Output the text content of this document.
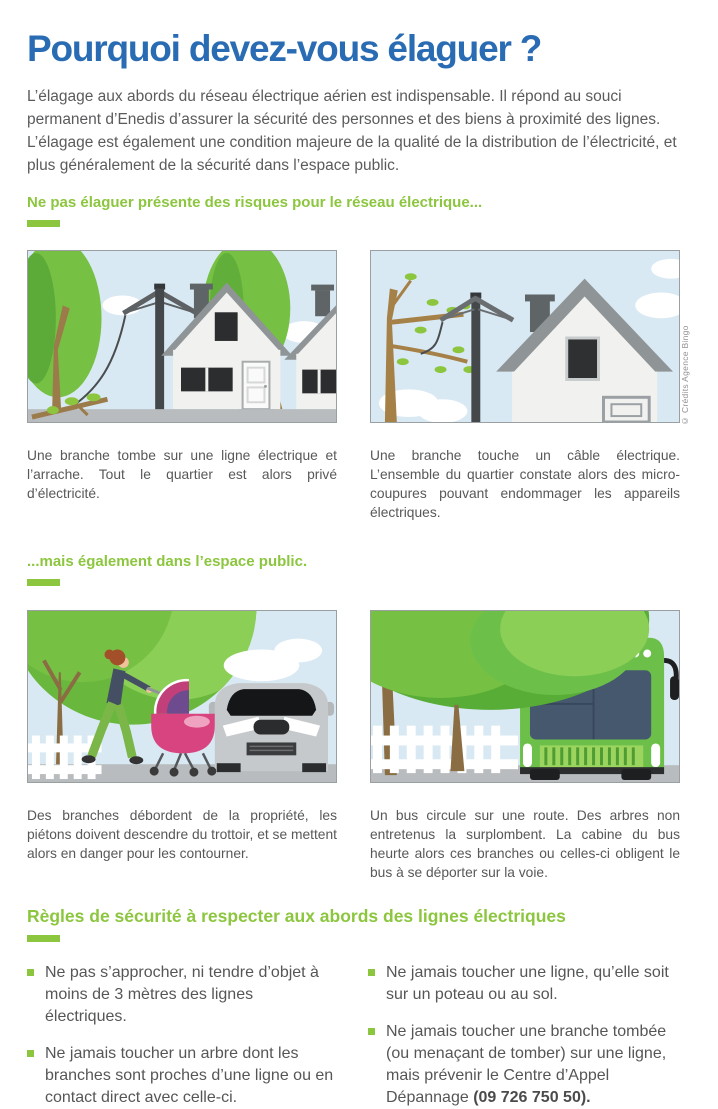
Pourquoi devez-vous élaguer ?

L’élagage aux abords du réseau électrique aérien est indispensable. Il répond au souci permanent d’Enedis d’assurer la sécurité des personnes et des biens à proximité des lignes. L’élagage est également une condition majeure de la qualité de la distribution de l’électricité, et plus généralement de la sécurité dans l’espace public.

Ne pas élaguer présente des risques pour le réseau électrique...

Une branche tombe sur une ligne électrique et l’arrache. Tout le quartier est alors privé d’électricité.

Une branche touche un câble électrique. L’ensemble du quartier constate alors des micro-coupures pouvant endommager les appareils électriques.

...mais également dans l’espace public.

Des branches débordent de la propriété, les piétons doivent descendre du trottoir, et se mettent alors en danger pour les contourner.

Un bus circule sur une route. Des arbres non entretenus la surplombent. La cabine du bus heurte alors ces branches ou celles-ci obligent le bus à se déporter sur la voie.

Règles de sécurité à respecter aux abords des lignes électriques
Ne pas s’approcher, ni tendre d’objet à moins de 3 mètres des lignes électriques.
Ne jamais toucher un arbre dont les branches sont proches d’une ligne ou en contact direct avec celle-ci.
Ne jamais toucher une ligne, qu’elle soit sur un poteau ou au sol.
Ne jamais toucher une branche tombée (ou menaçant de tomber) sur une ligne, mais prévenir le Centre d’Appel Dépannage (09 726 750 50).
© Crédits Agence Bingo
